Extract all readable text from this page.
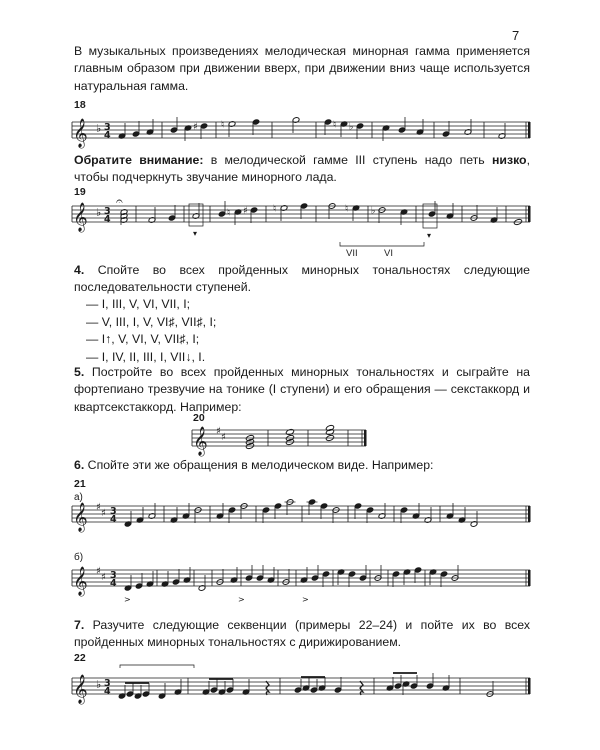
7
В музыкальных произведениях мелодическая минорная гамма применяется главным образом при движении вверх, при движении вниз чаще используется натуральная гамма.
18
𝄞 ♭ 3
4
♯ ♮	♮ ♭
Обратите внимание: в мелодической гамме III ступень надо петь низко, чтобы подчеркнуть звучание минорного лада.
19
𝄞 ♭ 3
4
𝄐
▾
♮ ♯	♮	♮ ♭
▾
VII	VI
4. Спойте во всех пройденных минорных тональностях следующие последовательности ступеней.
— I, III, V, VI, VII, I;
— V, III, I, V, VI♯, VII♯, I;
— I↑, V, VI, V, VII♯, I;
— I, IV, II, III, I, VII↓, I.
5. Постройте во всех пройденных минорных тональностях и сыграйте на фортепиано трезвучие на тонике (I ступени) и его обращения — секстаккорд и квартсекстаккорд. Например:
20
𝄞 ♯
♯
6. Спойте эти же обращения в мелодическом виде. Например:
21
а)
𝄞 ♯
♯ 3
4
б)
𝄞 ♯
♯ 3
4
>	>	>
7. Разучите следующие секвенции (примеры 22–24) и пойте их во всех пройденных минорных тональностях с дирижированием.
22
𝄞 ♭ 3
4
